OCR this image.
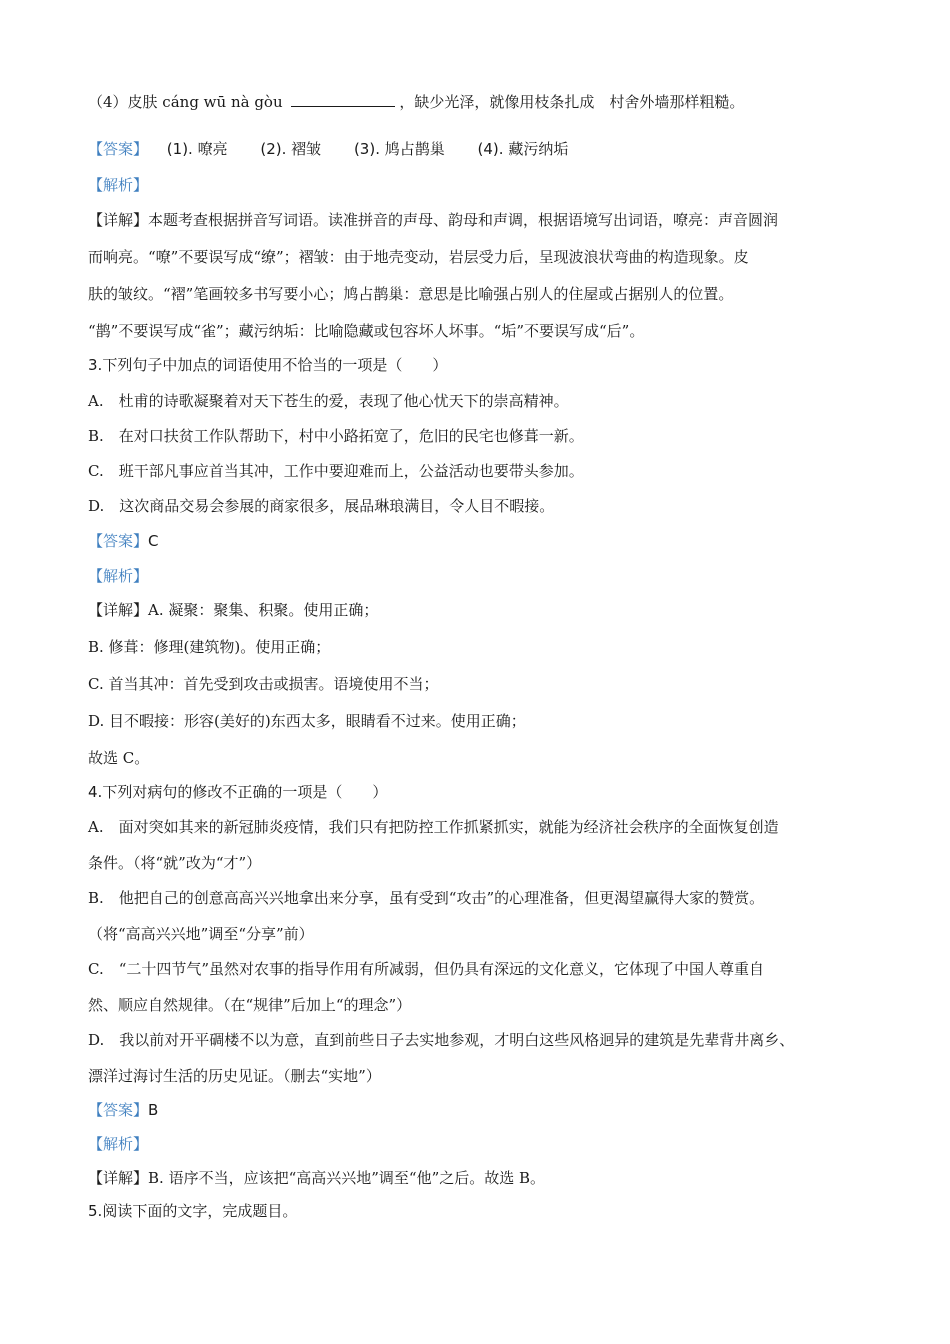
（4）皮肤 cáng wū nà gòu	，缺少光泽，就像用枝条扎成　村舍外墙那样粗糙。
【答案】 (1). 嘹亮 (2). 褶皱 (3). 鸠占鹊巢 (4). 藏污纳垢
【解析】
【详解】本题考查根据拼音写词语。读准拼音的声母、韵母和声调，根据语境写出词语，嘹亮：声音圆润
而响亮。“嘹”不要误写成“缭”；褶皱：由于地壳变动，岩层受力后，呈现波浪状弯曲的构造现象。皮
肤的皱纹。“褶”笔画较多书写要小心；鸠占鹊巢：意思是比喻强占别人的住屋或占据别人的位置。
“鹊”不要误写成“雀”；藏污纳垢：比喻隐藏或包容坏人坏事。“垢”不要误写成“后”。
3.下列句子中加点的词语使用不恰当的一项是（　　）
A.　杜甫的诗歌凝聚着对天下苍生的爱，表现了他心忧天下的崇高精神。
B.　在对口扶贫工作队帮助下，村中小路拓宽了，危旧的民宅也修葺一新。
C.　班干部凡事应首当其冲，工作中要迎难而上，公益活动也要带头参加。
D.　这次商品交易会参展的商家很多，展品琳琅满目，令人目不暇接。
【答案】C
【解析】
【详解】A. 凝聚：聚集、积聚。使用正确；
B. 修葺：修理(建筑物)。使用正确；
C. 首当其冲：首先受到攻击或损害。语境使用不当；
D. 目不暇接：形容(美好的)东西太多，眼睛看不过来。使用正确；
故选 C。
4.下列对病句的修改不正确的一项是（　　）
A.　面对突如其来的新冠肺炎疫情，我们只有把防控工作抓紧抓实，就能为经济社会秩序的全面恢复创造
条件。（将“就”改为“才”）
B.　他把自己的创意高高兴兴地拿出来分享，虽有受到“攻击”的心理准备，但更渴望赢得大家的赞赏。
（将“高高兴兴地”调至“分享”前）
C.　“二十四节气”虽然对农事的指导作用有所减弱，但仍具有深远的文化意义，它体现了中国人尊重自
然、顺应自然规律。（在“规律”后加上“的理念”）
D.　我以前对开平碉楼不以为意，直到前些日子去实地参观，才明白这些风格迥异的建筑是先辈背井离乡、
漂洋过海讨生活的历史见证。（删去“实地”）
【答案】B
【解析】
【详解】B. 语序不当，应该把“高高兴兴地”调至“他”之后。故选 B。
5.阅读下面的文字，完成题目。
